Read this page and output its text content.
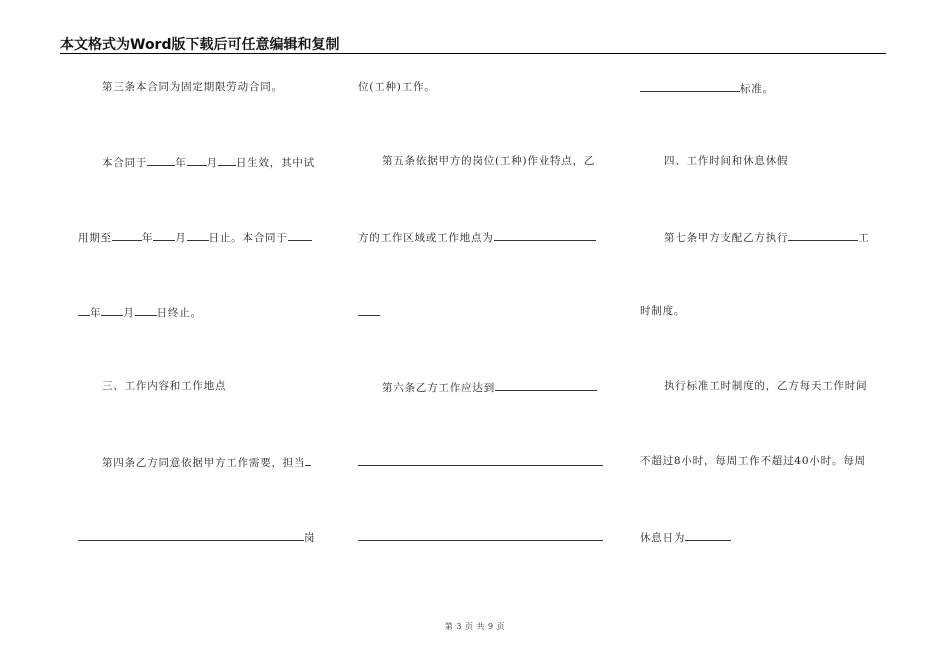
本文格式为Word版下载后可任意编辑和复制
第三条本合同为固定期限劳动合同。
本合同于	年 月 日生效，其中试
用期至	年 月 日止。本合同于
年 月 日终止。
三、工作内容和工作地点
第四条乙方同意依据甲方工作需要，担当
岗
位(工种)工作。
第五条依据甲方的岗位(工种)作业特点，乙
方的工作区域或工作地点为
第六条乙方工作应达到
标准。
四、工作时间和休息休假
第七条甲方支配乙方执行	工
时制度。
执行标准工时制度的，乙方每天工作时间
不超过8小时，每周工作不超过40小时。每周
休息日为
第 3 页 共 9 页
